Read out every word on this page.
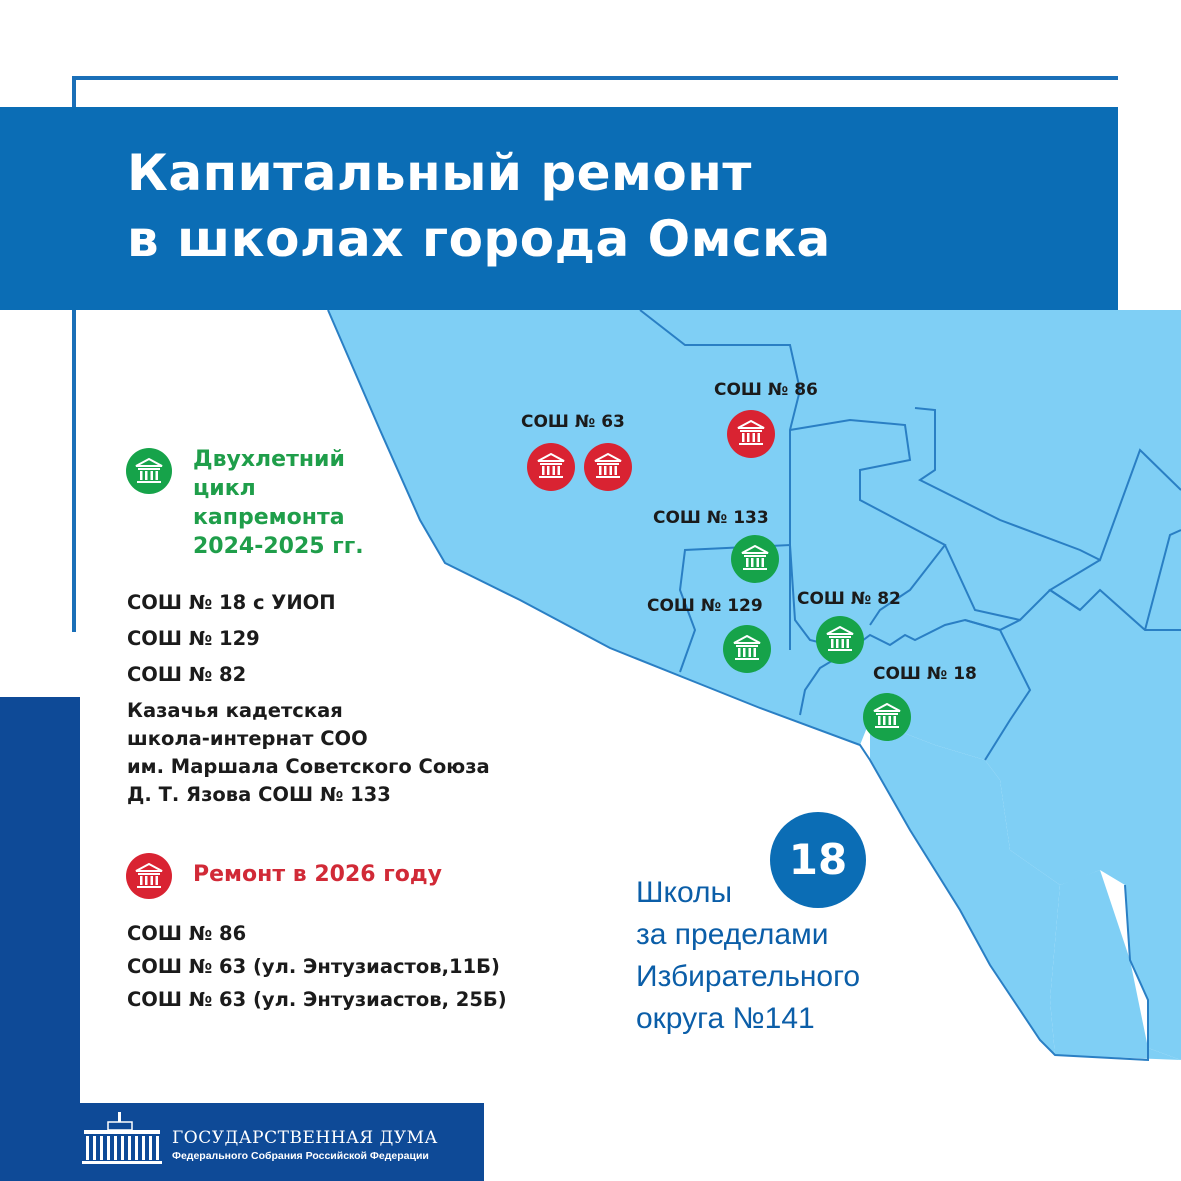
Капитальный ремонт
в школах города Омска

Двухлетний
цикл
капремонта
2024-2025 гг.

СОШ № 18 с УИОП
СОШ № 129
СОШ № 82
Казачья кадетская
школа-интернат СОО
им. Маршала Советского Союза
Д. Т. Язова СОШ № 133

Ремонт в 2026 году

СОШ № 86
СОШ № 63 (ул. Энтузиастов,11Б)
СОШ № 63 (ул. Энтузиастов, 25Б)
СОШ № 63
СОШ № 86
СОШ № 133
СОШ № 129 СОШ № 82
СОШ № 18
18

Школы
за пределами
Избирательного
округа №141

ГОСУДАРСТВЕННАЯ ДУМА
Федерального Собрания Российской Федерации
